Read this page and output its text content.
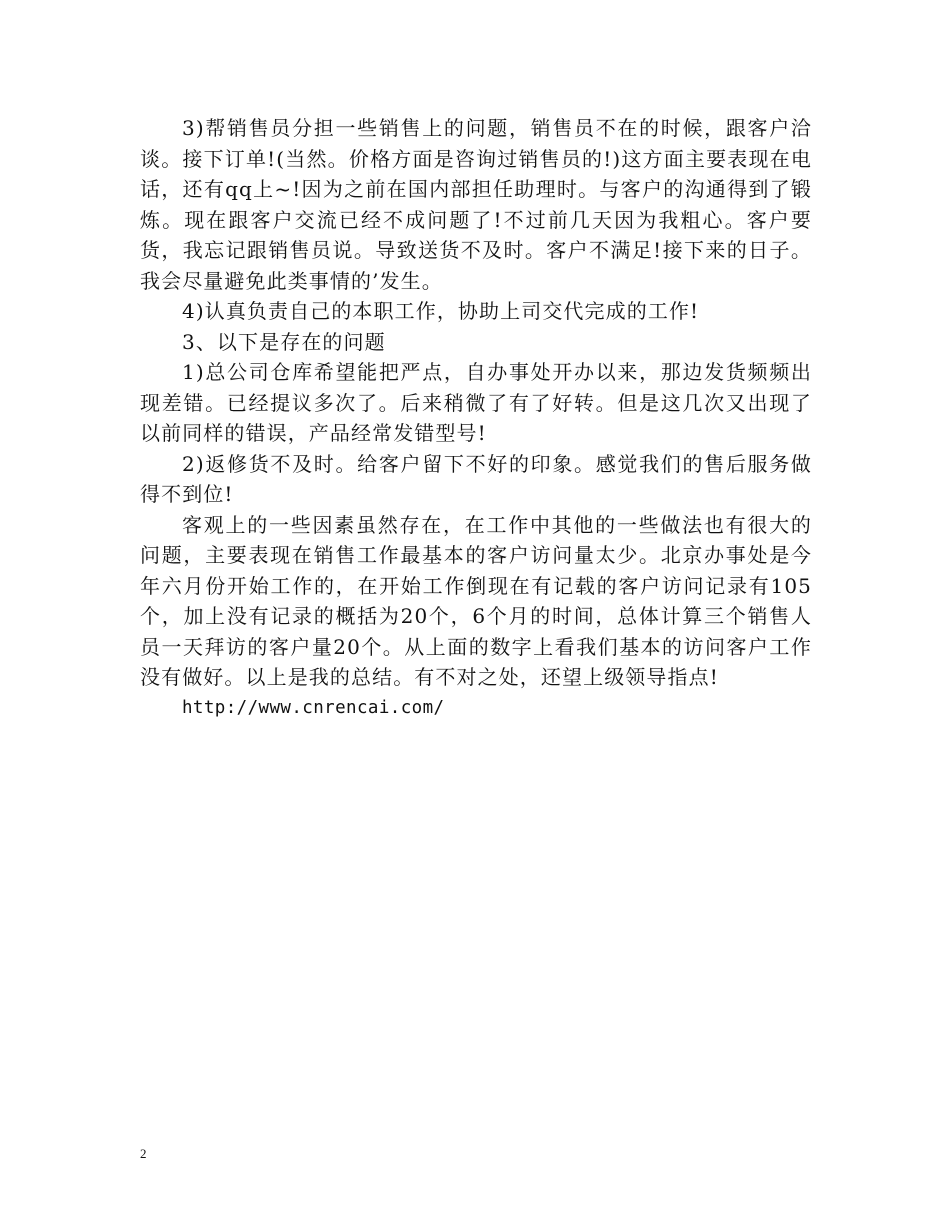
3)帮销售员分担一些销售上的问题，销售员不在的时候，跟客户洽谈。接下订单!(当然。价格方面是咨询过销售员的!)这方面主要表现在电话，还有qq上~!因为之前在国内部担任助理时。与客户的沟通得到了锻炼。现在跟客户交流已经不成问题了!不过前几天因为我粗心。客户要货，我忘记跟销售员说。导致送货不及时。客户不满足!接下来的日子。我会尽量避免此类事情的’发生。

4)认真负责自己的本职工作，协助上司交代完成的工作!

3、以下是存在的问题

1)总公司仓库希望能把严点，自办事处开办以来，那边发货频频出现差错。已经提议多次了。后来稍微了有了好转。但是这几次又出现了以前同样的错误，产品经常发错型号!

2)返修货不及时。给客户留下不好的印象。感觉我们的售后服务做得不到位!

客观上的一些因素虽然存在，在工作中其他的一些做法也有很大的问题，主要表现在销售工作最基本的客户访问量太少。北京办事处是今年六月份开始工作的，在开始工作倒现在有记载的客户访问记录有105个，加上没有记录的概括为20个，6个月的时间，总体计算三个销售人员一天拜访的客户量20个。从上面的数字上看我们基本的访问客户工作没有做好。以上是我的总结。有不对之处，还望上级领导指点!

http://www.cnrencai.com/

2
